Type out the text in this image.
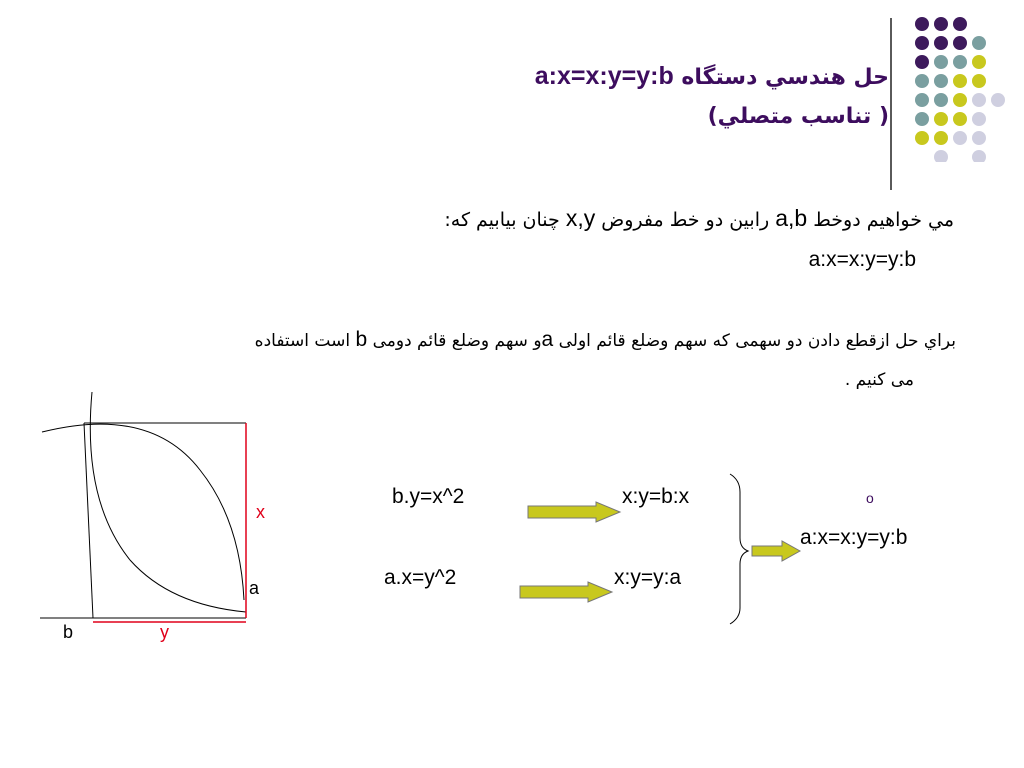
حل هندسي دستگاه a:x=x:y=y:b
( تناسب متصلي)
مي خواهيم دوخط a,b رابين دو خط مفروض x,y چنان بيابيم كه:
a:x=x:y=y:b
براي حل ازقطع دادن دو سهمی که سهم وضلع قائم اولی aو سهم وضلع قائم دومی b است استفاده
می کنیم .
x
a
b	y
b.y=x^2	x:y=b:x
a.x=y^2	x:y=y:a
o
a:x=x:y=y:b
